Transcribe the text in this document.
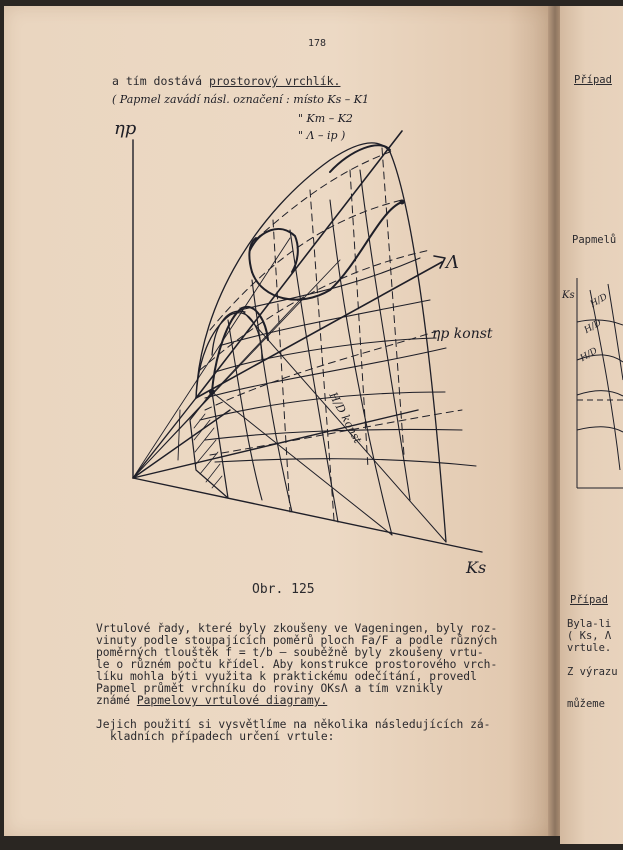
178
a tím dostává prostorový vrchlík.
( Papmel zavádí násl. označení : místo Ks – K1
" Km – K2
" Λ – ip )
ηp
Ks
Λ
ηp konst
H/D konst
Obr. 125
Vrtulové řady, které byly zkoušeny ve Vageningen, byly roz-
vinuty podle stoupajících poměrů ploch Fa/F a podle různých
poměrných tlouštěk f = t/b – souběžně byly zkoušeny vrtu-
le o různém počtu křídel. Aby konstrukce prostorového vrch-
líku mohla býti využita k praktickému odečítání, provedl
Papmel průmět vrchníku do roviny OKsΛ a tím vznikly
známé Papmelovy vrtulové diagramy.
Jejich použití si vysvětlíme na několika následujících zá-
kladních případech určení vrtule:
Případ
Papmelů
H/D
H/D
H/D
Ks
Případ
Byla-li
( Ks, Λ
vrtule.
Z výrazu
můžeme
